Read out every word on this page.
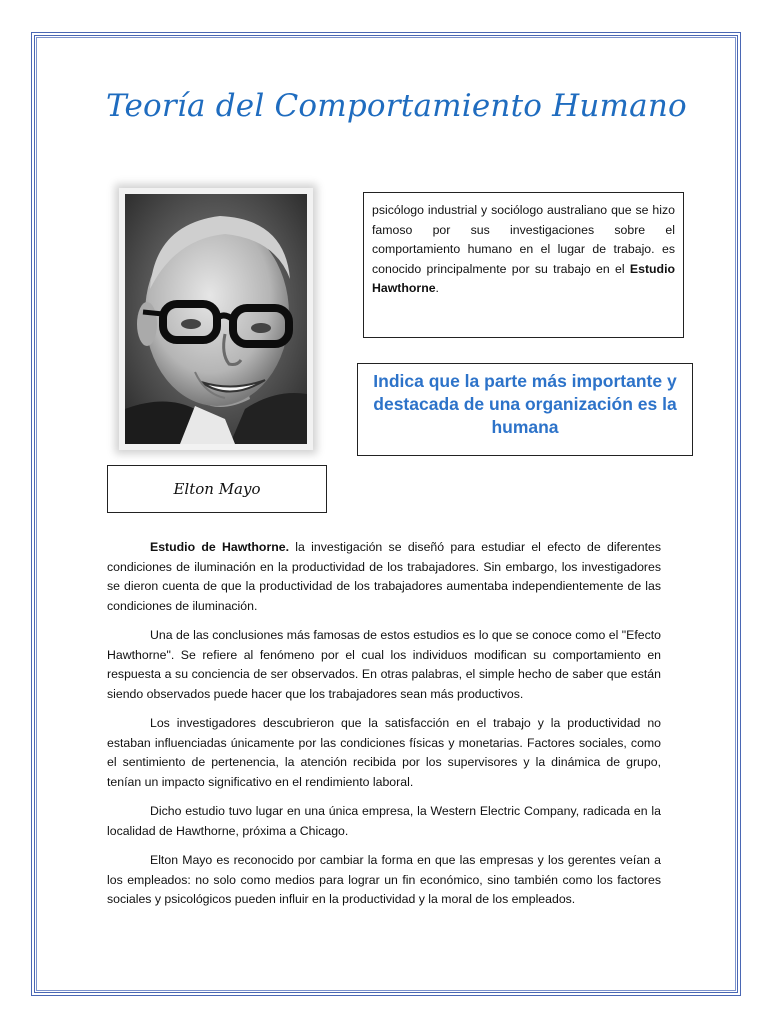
Teoría del Comportamiento Humano
Elton Mayo

psicólogo industrial y sociólogo australiano que se hizo famoso por sus investigaciones sobre el comportamiento humano en el lugar de trabajo. es conocido principalmente por su trabajo en el Estudio Hawthorne.

Indica que la parte más importante y destacada de una organización es la humana

Estudio de Hawthorne. la investigación se diseñó para estudiar el efecto de diferentes condiciones de iluminación en la productividad de los trabajadores. Sin embargo, los investigadores se dieron cuenta de que la productividad de los trabajadores aumentaba independientemente de las condiciones de iluminación.

Una de las conclusiones más famosas de estos estudios es lo que se conoce como el "Efecto Hawthorne". Se refiere al fenómeno por el cual los individuos modifican su comportamiento en respuesta a su conciencia de ser observados. En otras palabras, el simple hecho de saber que están siendo observados puede hacer que los trabajadores sean más productivos.

Los investigadores descubrieron que la satisfacción en el trabajo y la productividad no estaban influenciadas únicamente por las condiciones físicas y monetarias. Factores sociales, como el sentimiento de pertenencia, la atención recibida por los supervisores y la dinámica de grupo, tenían un impacto significativo en el rendimiento laboral.

Dicho estudio tuvo lugar en una única empresa, la Western Electric Company, radicada en la localidad de Hawthorne, próxima a Chicago.

Elton Mayo es reconocido por cambiar la forma en que las empresas y los gerentes veían a los empleados: no solo como medios para lograr un fin económico, sino también como los factores sociales y psicológicos pueden influir en la productividad y la moral de los empleados.
